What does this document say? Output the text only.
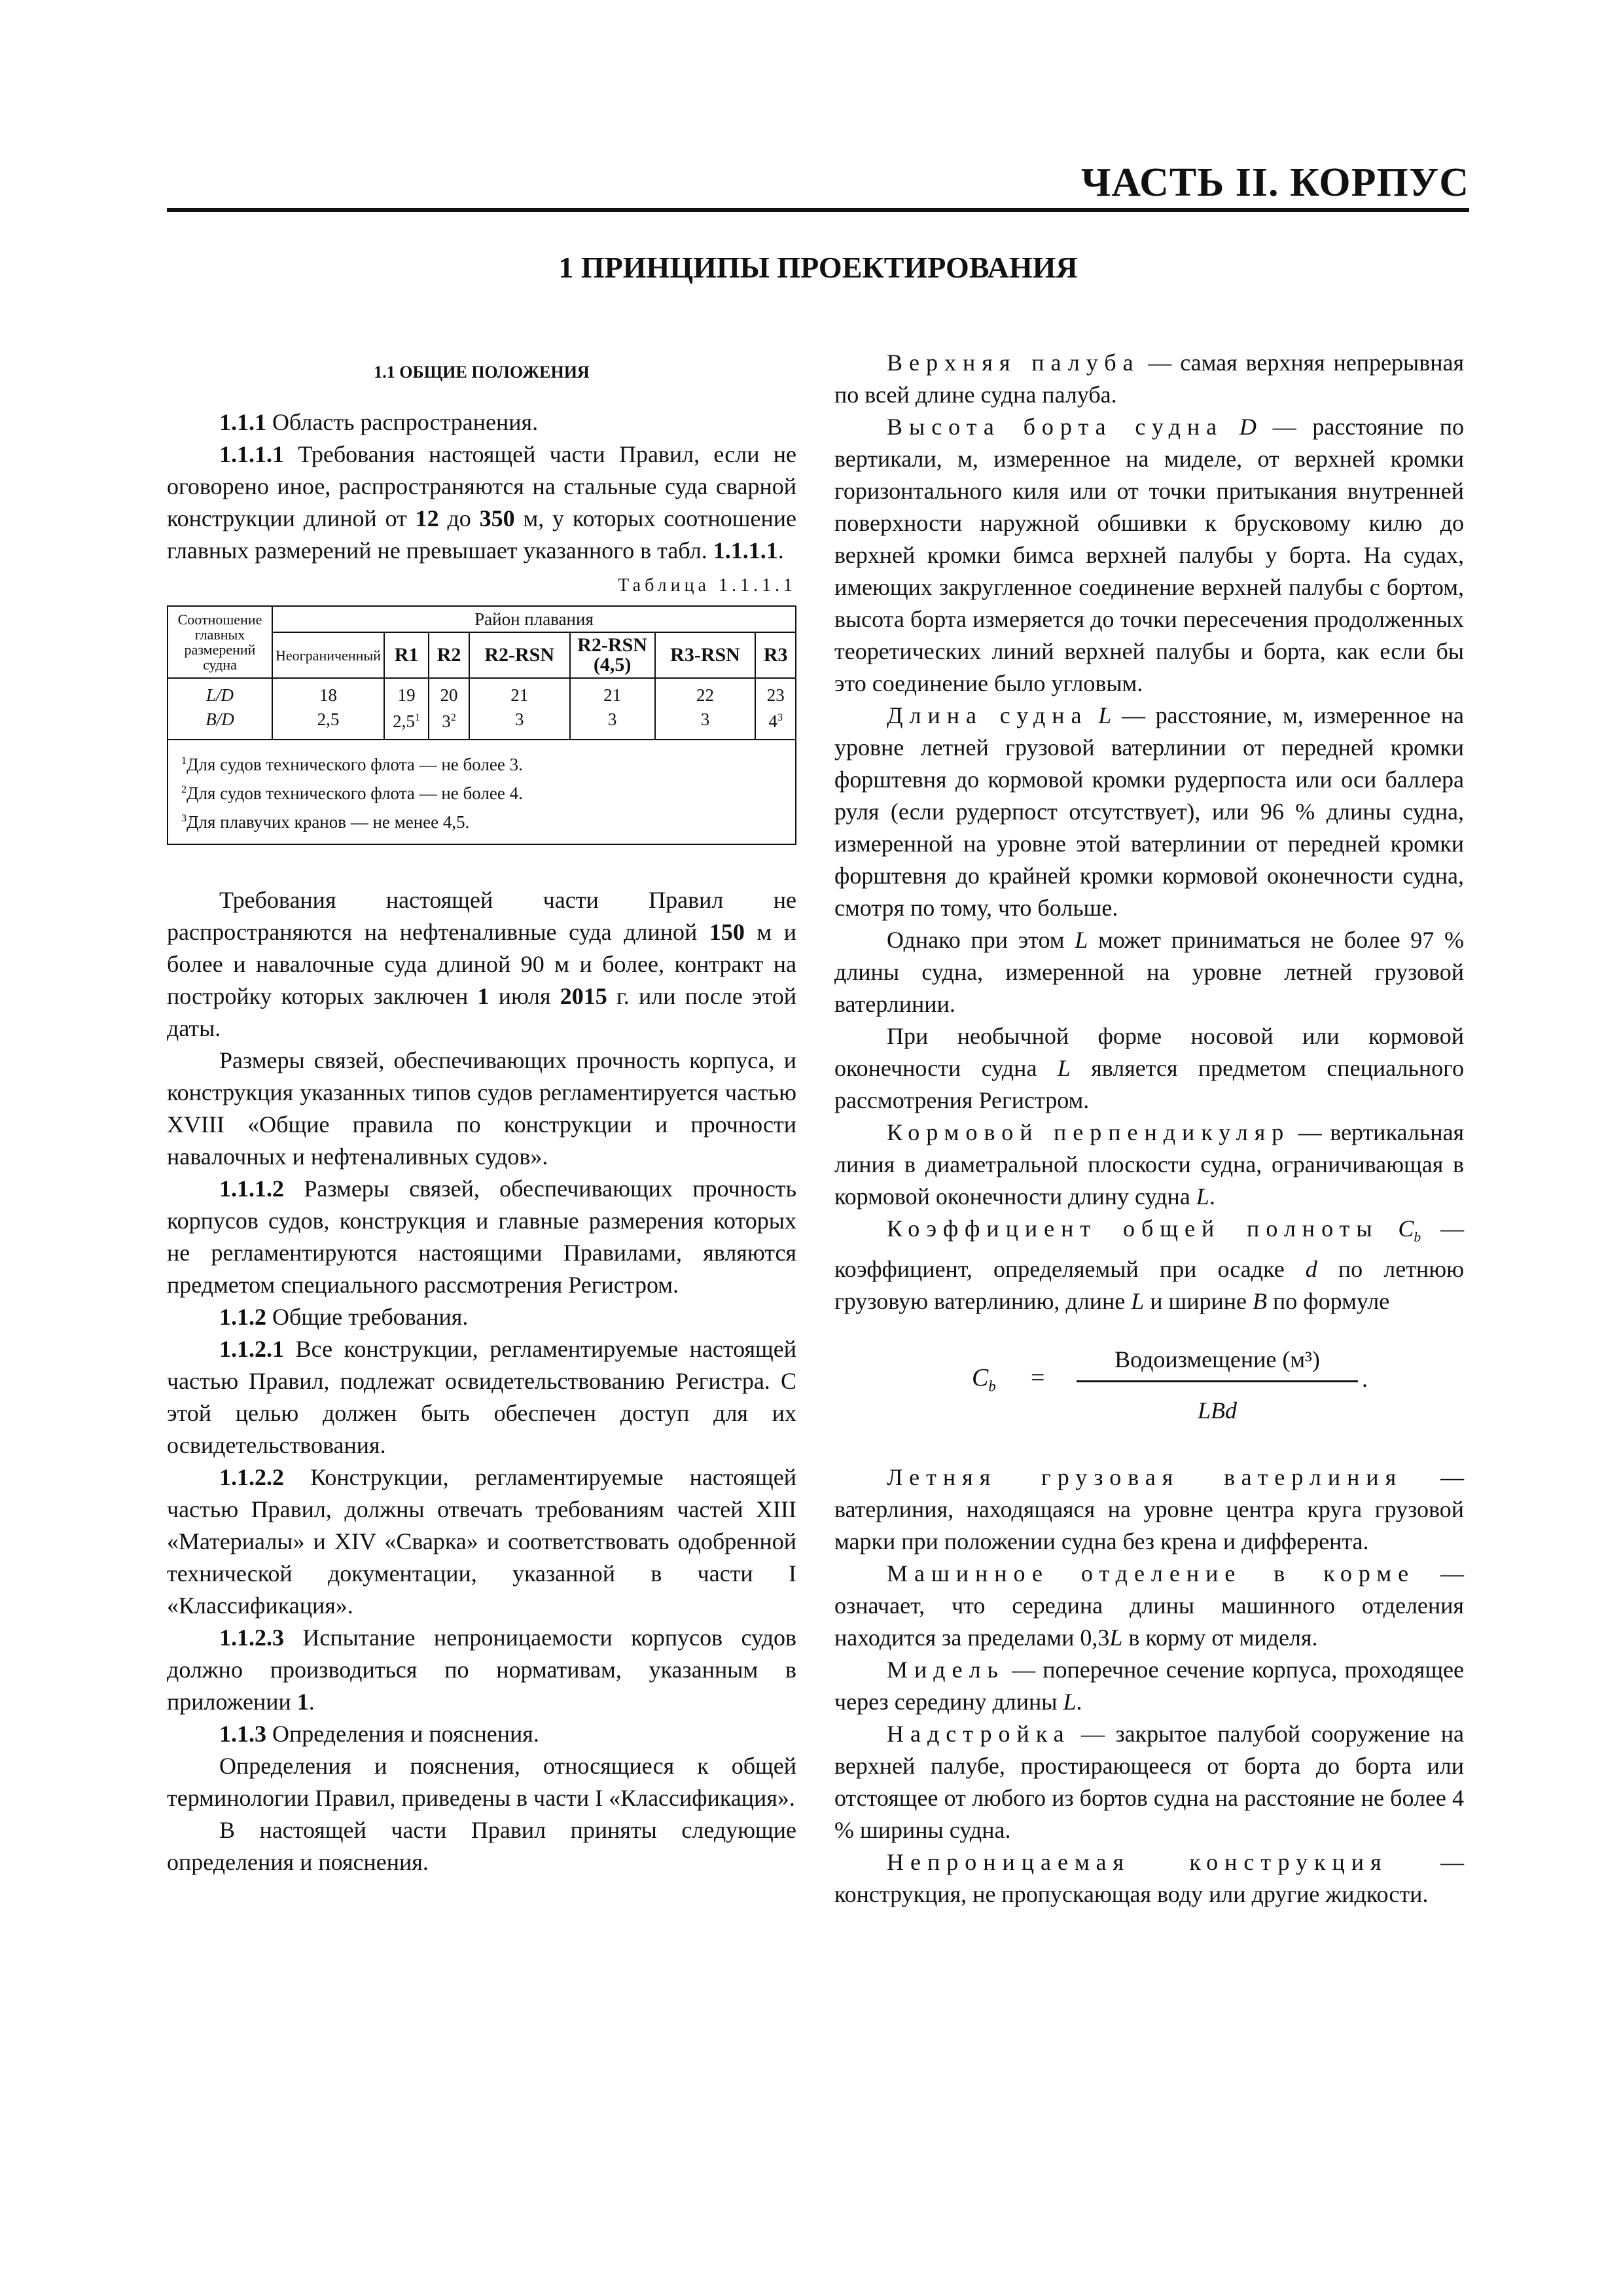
ЧАСТЬ II. КОРПУС
1 ПРИНЦИПЫ ПРОЕКТИРОВАНИЯ

1.1 ОБЩИЕ ПОЛОЖЕНИЯ

1.1.1 Область распространения.

1.1.1.1 Требования настоящей части Правил, если не оговорено иное, распространяются на стальные суда сварной конструкции длиной от 12 до 350 м, у которых соотношение главных размерений не превышает указанного в табл. 1.1.1.1.

Таблица 1.1.1.1
Соотношение главных размерений судна	Район плавания						
	Неограниченный	R1	R2	R2-RSN	R2-RSN (4,5)	R3-RSN	R3
L/D	18	19	20	21	21	22	23
B/D	2,5	$2,5^1$	$3^2$	3	3	3	$4^3$

$^1$Для судов технического флота — не более 3.
$^2$Для судов технического флота — не более 4.
$^3$Для плавучих кранов — не менее 4,5.							

Требования настоящей части Правил не распространяются на нефтеналивные суда длиной 150 м и более и навалочные суда длиной 90 м и более, контракт на постройку которых заключен 1 июля 2015 г. или после этой даты.

Размеры связей, обеспечивающих прочность корпуса, и конструкция указанных типов судов регламентируется частью XVIII «Общие правила по конструкции и прочности навалочных и нефтеналивных судов».

1.1.1.2 Размеры связей, обеспечивающих прочность корпусов судов, конструкция и главные размерения которых не регламентируются настоящими Правилами, являются предметом специального рассмотрения Регистром.

1.1.2 Общие требования.

1.1.2.1 Все конструкции, регламентируемые настоящей частью Правил, подлежат освидетельствованию Регистра. С этой целью должен быть обеспечен доступ для их освидетельствования.

1.1.2.2 Конструкции, регламентируемые настоящей частью Правил, должны отвечать требованиям частей XIII «Материалы» и XIV «Сварка» и соответствовать одобренной технической документации, указанной в части I «Классификация».

1.1.2.3 Испытание непроницаемости корпусов судов должно производиться по нормативам, указанным в приложении 1.

1.1.3 Определения и пояснения.

Определения и пояснения, относящиеся к общей терминологии Правил, приведены в части I «Классификация».

В настоящей части Правил приняты следующие определения и пояснения.

Верхняя палуба — самая верхняя непрерывная по всей длине судна палуба.

Высота борта судна D — расстояние по вертикали, м, измеренное на миделе, от верхней кромки горизонтального киля или от точки притыкания внутренней поверхности наружной обшивки к брусковому килю до верхней кромки бимса верхней палубы у борта. На судах, имеющих закругленное соединение верхней палубы с бортом, высота борта измеряется до точки пересечения продолженных теоретических линий верхней палубы и борта, как если бы это соединение было угловым.

Длина судна L — расстояние, м, измеренное на уровне летней грузовой ватерлинии от передней кромки форштевня до кормовой кромки рудерпоста или оси баллера руля (если рудерпост отсутствует), или 96 % длины судна, измеренной на уровне этой ватерлинии от передней кромки форштевня до крайней кромки кормовой оконечности судна, смотря по тому, что больше.

Однако при этом L может приниматься не более 97 % длины судна, измеренной на уровне летней грузовой ватерлинии.

При необычной форме носовой или кормовой оконечности судна L является предметом специального рассмотрения Регистром.

Кормовой перпендикуляр — вертикальная линия в диаметральной плоскости судна, ограничивающая в кормовой оконечности длину судна L.

Коэффициент общей полноты $C_b$ — коэффициент, определяемый при осадке d по летнюю грузовую ватерлинию, длине L и ширине B по формуле

$C_b$ =
Водоизмещение (м³)
LBd
.

Летняя грузовая ватерлиния — ватерлиния, находящаяся на уровне центра круга грузовой марки при положении судна без крена и дифферента.

Машинное отделение в корме — означает, что середина длины машинного отделения находится за пределами 0,3L в корму от миделя.

Мидель — поперечное сечение корпуса, проходящее через середину длины L.

Надстройка — закрытое палубой сооружение на верхней палубе, простирающееся от борта до борта или отстоящее от любого из бортов судна на расстояние не более 4 % ширины судна.

Непроницаемая конструкция — конструкция, не пропускающая воду или другие жидкости.
